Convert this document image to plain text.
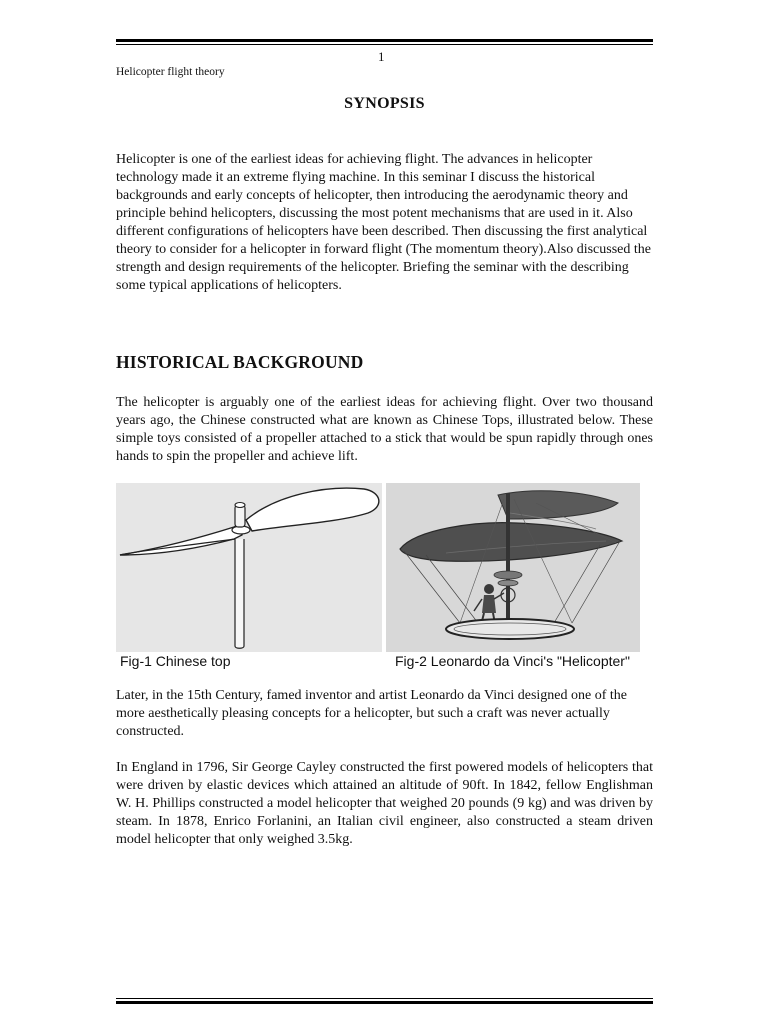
1
Helicopter flight theory
SYNOPSIS

Helicopter is one of the earliest ideas for achieving flight. The advances in helicopter technology made it an extreme flying machine. In this seminar I discuss the historical backgrounds and early concepts of helicopter, then introducing the aerodynamic theory and principle behind helicopters, discussing the most potent mechanisms that are used in it. Also different configurations of helicopters have been described. Then discussing the first analytical theory to consider for a helicopter in forward flight (The momentum theory).Also discussed the strength and design requirements of the helicopter. Briefing the seminar with the describing some typical applications of helicopters.

HISTORICAL BACKGROUND

The helicopter is arguably one of the earliest ideas for achieving flight. Over two thousand years ago, the Chinese constructed what are known as Chinese Tops, illustrated below. These simple toys consisted of a propeller attached to a stick that would be spun rapidly through ones hands to spin the propeller and achieve lift.

Fig-1 Chinese top	Fig-2 Leonardo da Vinci's "Helicopter"

Later, in the 15th Century, famed inventor and artist Leonardo da Vinci designed one of the more aesthetically pleasing concepts for a helicopter, but such a craft was never actually constructed.

In England in 1796, Sir George Cayley constructed the first powered models of helicopters that were driven by elastic devices which attained an altitude of 90ft. In 1842, fellow Englishman W. H. Phillips constructed a model helicopter that weighed 20 pounds (9 kg) and was driven by steam. In 1878, Enrico Forlanini, an Italian civil engineer, also constructed a steam driven model helicopter that only weighed 3.5kg.
